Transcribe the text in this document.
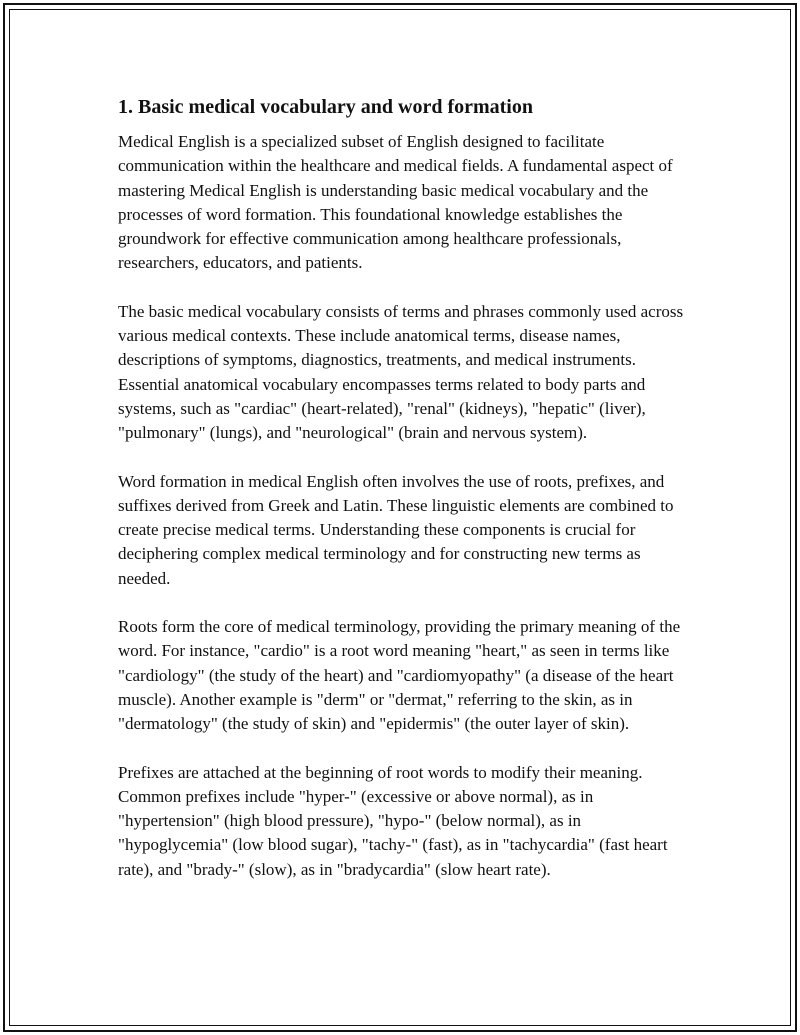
1. Basic medical vocabulary and word formation

Medical English is a specialized subset of English designed to facilitate communication within the healthcare and medical fields. A fundamental aspect of mastering Medical English is understanding basic medical vocabulary and the processes of word formation. This foundational knowledge establishes the groundwork for effective communication among healthcare professionals, researchers, educators, and patients.

The basic medical vocabulary consists of terms and phrases commonly used across various medical contexts. These include anatomical terms, disease names, descriptions of symptoms, diagnostics, treatments, and medical instruments. Essential anatomical vocabulary encompasses terms related to body parts and systems, such as "cardiac" (heart-related), "renal" (kidneys), "hepatic" (liver), "pulmonary" (lungs), and "neurological" (brain and nervous system).

Word formation in medical English often involves the use of roots, prefixes, and suffixes derived from Greek and Latin. These linguistic elements are combined to create precise medical terms. Understanding these components is crucial for deciphering complex medical terminology and for constructing new terms as needed.

Roots form the core of medical terminology, providing the primary meaning of the word. For instance, "cardio" is a root word meaning "heart," as seen in terms like "cardiology" (the study of the heart) and "cardiomyopathy" (a disease of the heart muscle). Another example is "derm" or "dermat," referring to the skin, as in "dermatology" (the study of skin) and "epidermis" (the outer layer of skin).

Prefixes are attached at the beginning of root words to modify their meaning. Common prefixes include "hyper-" (excessive or above normal), as in "hypertension" (high blood pressure), "hypo-" (below normal), as in "hypoglycemia" (low blood sugar), "tachy-" (fast), as in "tachycardia" (fast heart rate), and "brady-" (slow), as in "bradycardia" (slow heart rate).
